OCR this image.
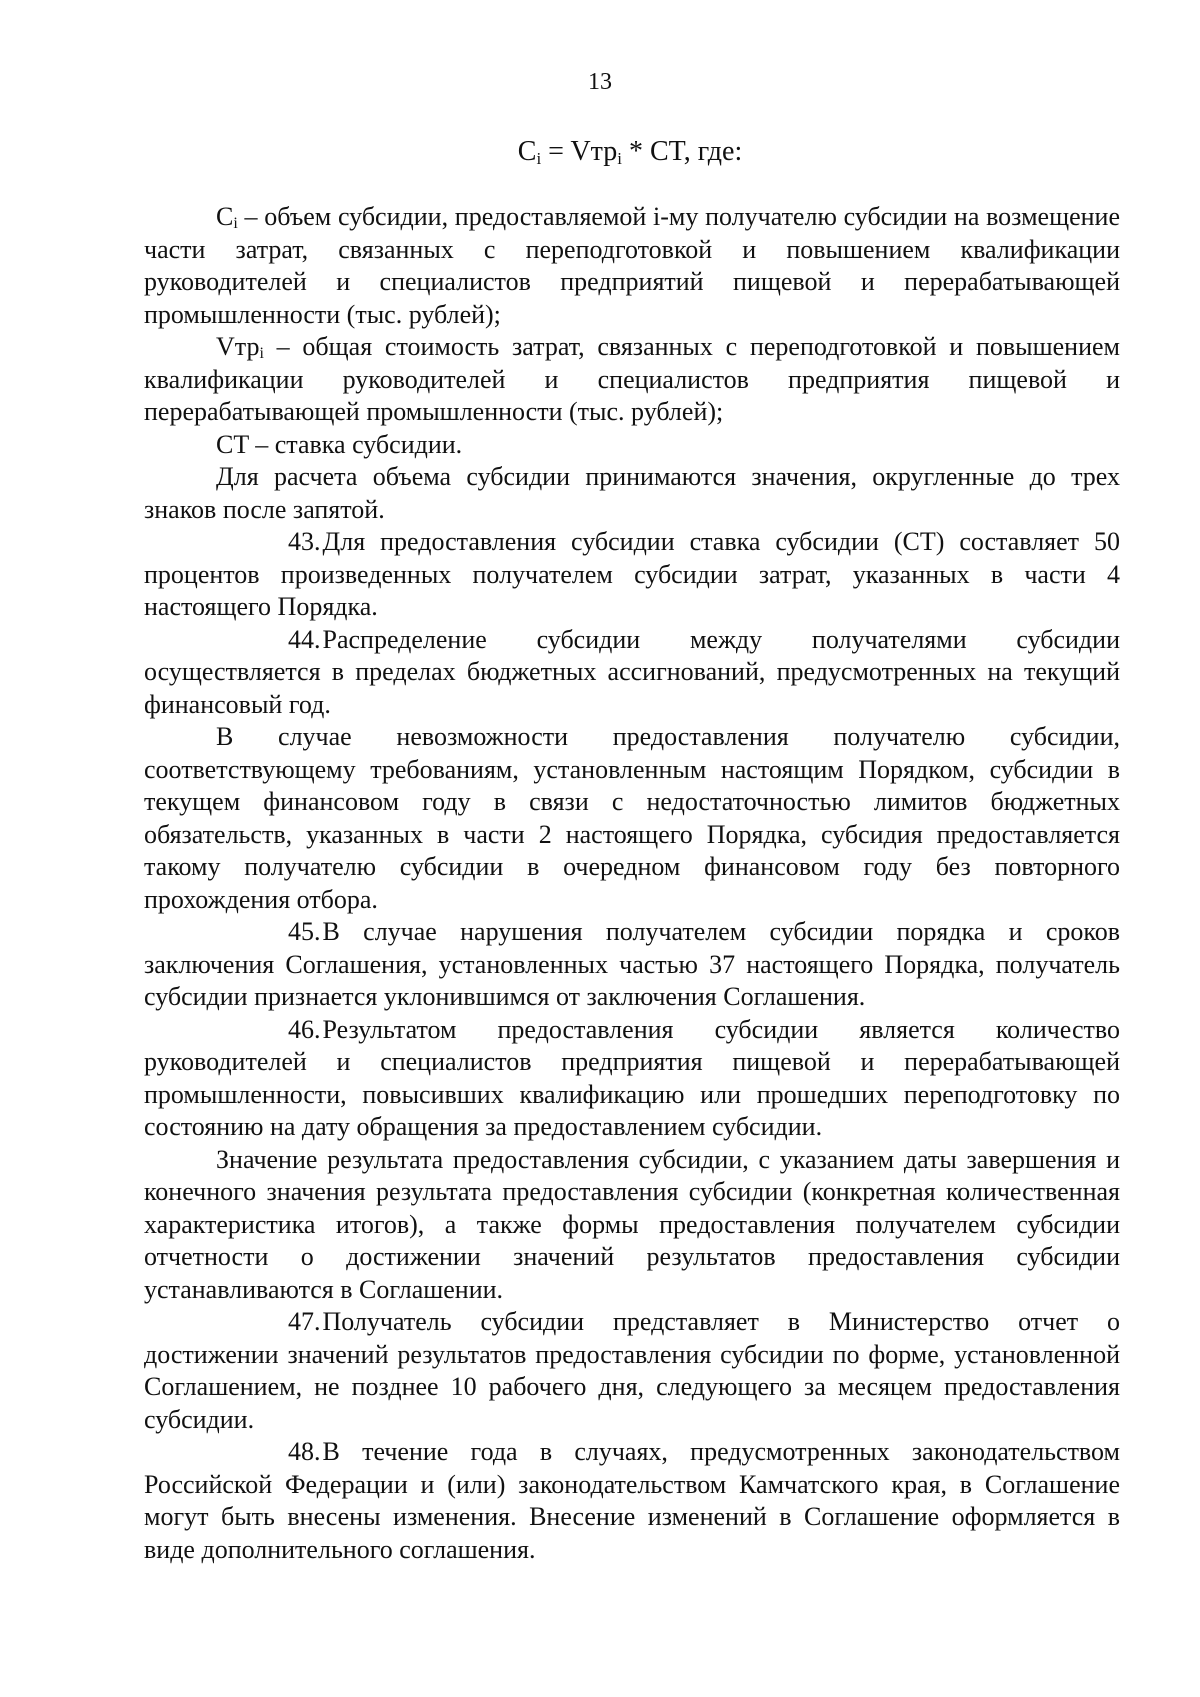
13
$C_i = Vтр_i$ * CT, где:

$C_i$ – объем субсидии, предоставляемой i-му получателю субсидии на возмещение части затрат, связанных с переподготовкой и повышением квалификации руководителей и специалистов предприятий пищевой и перерабатывающей промышленности (тыс. рублей);

Vтр$_i$ – общая стоимость затрат, связанных с переподготовкой и повышением квалификации руководителей и специалистов предприятия пищевой и перерабатывающей промышленности (тыс. рублей);

CT – ставка субсидии.

Для расчета объема субсидии принимаются значения, округленные до трех знаков после запятой.

43.Для предоставления субсидии ставка субсидии (CT) составляет 50 процентов произведенных получателем субсидии затрат, указанных в части 4 настоящего Порядка.

44.Распределение субсидии между получателями субсидии осуществляется в пределах бюджетных ассигнований, предусмотренных на текущий финансовый год.

В случае невозможности предоставления получателю субсидии, соответствующему требованиям, установленным настоящим Порядком, субсидии в текущем финансовом году в связи с недостаточностью лимитов бюджетных обязательств, указанных в части 2 настоящего Порядка, субсидия предоставляется такому получателю субсидии в очередном финансовом году без повторного прохождения отбора.

45.В случае нарушения получателем субсидии порядка и сроков заключения Соглашения, установленных частью 37 настоящего Порядка, получатель субсидии признается уклонившимся от заключения Соглашения.

46.Результатом предоставления субсидии является количество руководителей и специалистов предприятия пищевой и перерабатывающей промышленности, повысивших квалификацию или прошедших переподготовку по состоянию на дату обращения за предоставлением субсидии.

Значение результата предоставления субсидии, с указанием даты завершения и конечного значения результата предоставления субсидии (конкретная количественная характеристика итогов), а также формы предоставления получателем субсидии отчетности о достижении значений результатов предоставления субсидии устанавливаются в Соглашении.

47.Получатель субсидии представляет в Министерство отчет о достижении значений результатов предоставления субсидии по форме, установленной Соглашением, не позднее 10 рабочего дня, следующего за месяцем предоставления субсидии.

48.В течение года в случаях, предусмотренных законодательством Российской Федерации и (или) законодательством Камчатского края, в Соглашение могут быть внесены изменения. Внесение изменений в Соглашение оформляется в виде дополнительного соглашения.
